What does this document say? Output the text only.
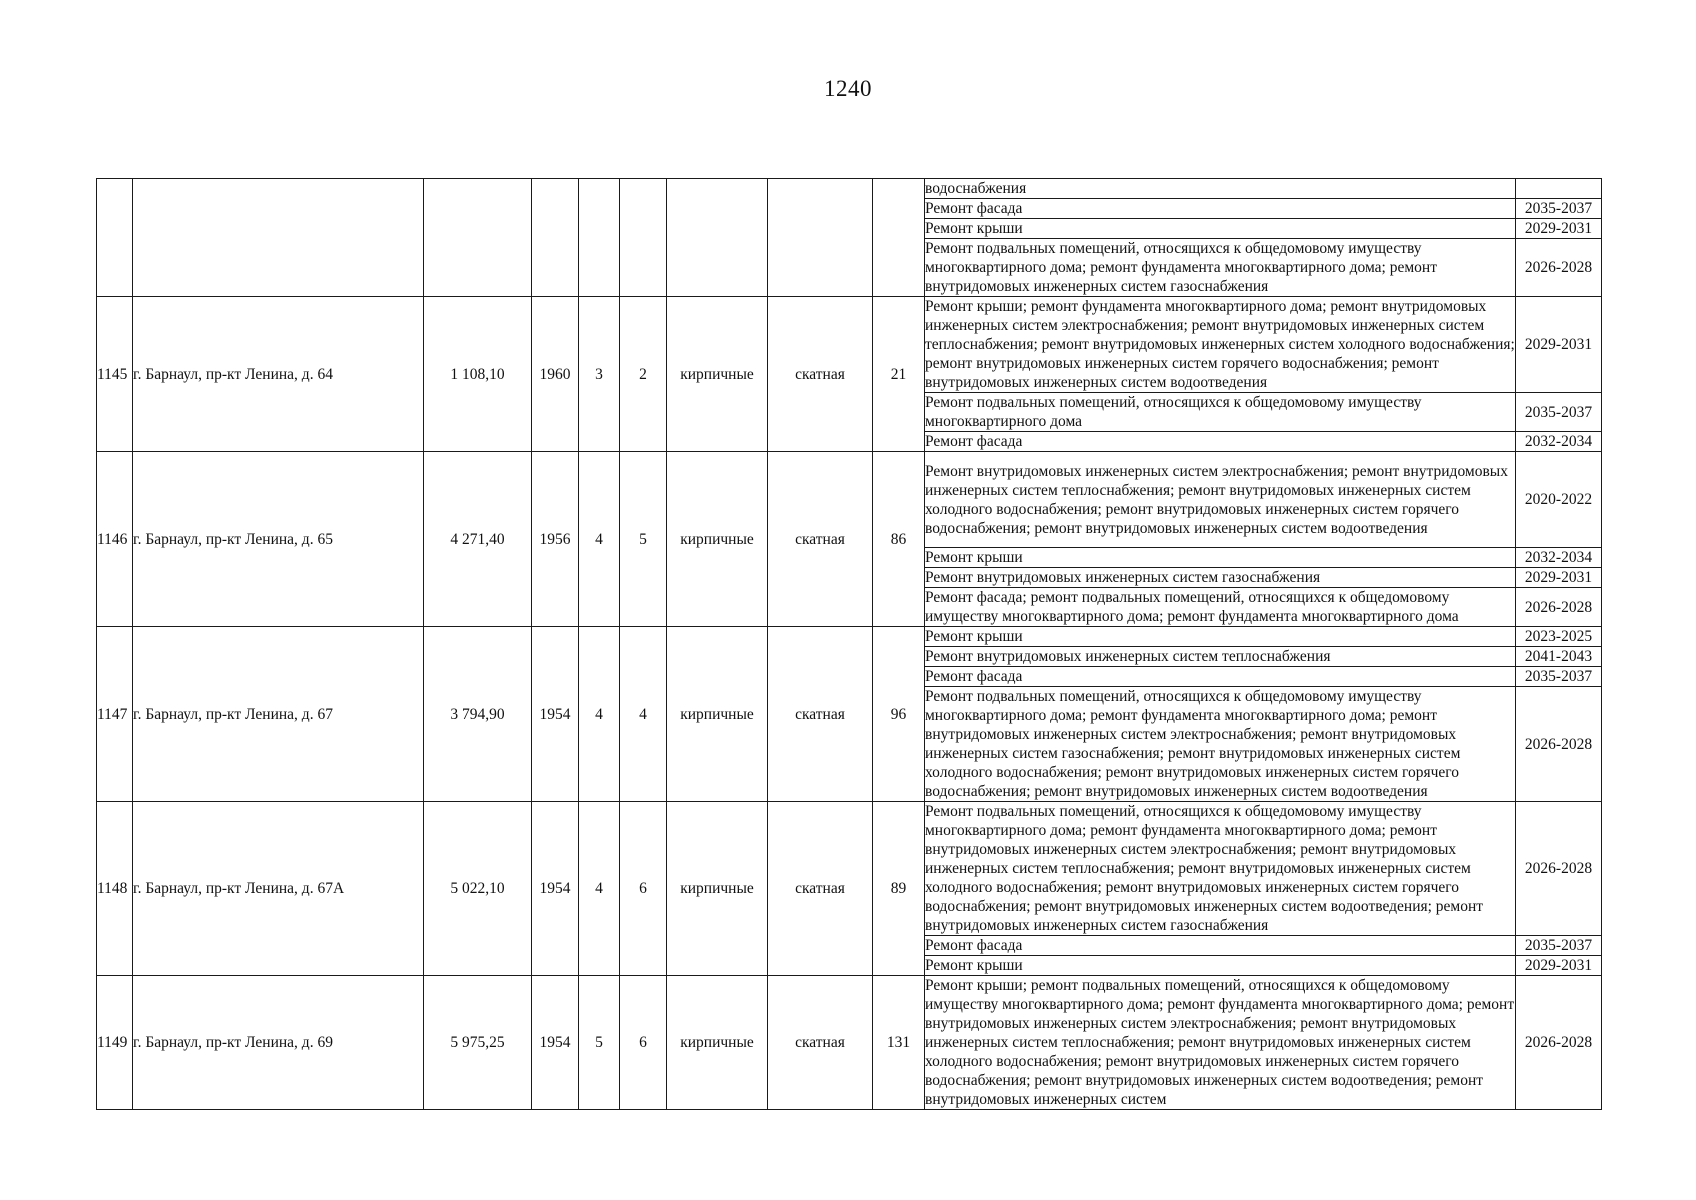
1240
									водоснабжения	
									Ремонт фасада	2035-2037
									Ремонт крыши	2029-2031
									Ремонт подвальных помещений, относящихся к общедомовому имуществу многоквартирного дома; ремонт фундамента многоквартирного дома; ремонт внутридомовых инженерных систем газоснабжения	2026-2028
1145	г. Барнаул, пр-кт Ленина, д. 64	1 108,10	1960	3	2	кирпичные	скатная	21	Ремонт крыши; ремонт фундамента многоквартирного дома; ремонт внутридомовых инженерных систем электроснабжения; ремонт внутридомовых инженерных систем теплоснабжения; ремонт внутридомовых инженерных систем холодного водоснабжения; ремонт внутридомовых инженерных систем горячего водоснабжения; ремонт внутридомовых инженерных систем водоотведения	2029-2031
									Ремонт подвальных помещений, относящихся к общедомовому имуществу многоквартирного дома	2035-2037
									Ремонт фасада	2032-2034
1146	г. Барнаул, пр-кт Ленина, д. 65	4 271,40	1956	4	5	кирпичные	скатная	86	Ремонт внутридомовых инженерных систем электроснабжения; ремонт внутридомовых инженерных систем теплоснабжения; ремонт внутридомовых инженерных систем холодного водоснабжения; ремонт внутридомовых инженерных систем горячего водоснабжения; ремонт внутридомовых инженерных систем водоотведения	2020-2022
									Ремонт крыши	2032-2034
									Ремонт внутридомовых инженерных систем газоснабжения	2029-2031
									Ремонт фасада; ремонт подвальных помещений, относящихся к общедомовому имуществу многоквартирного дома; ремонт фундамента многоквартирного дома	2026-2028
1147	г. Барнаул, пр-кт Ленина, д. 67	3 794,90	1954	4	4	кирпичные	скатная	96	Ремонт крыши	2023-2025
									Ремонт внутридомовых инженерных систем теплоснабжения	2041-2043
									Ремонт фасада	2035-2037
									Ремонт подвальных помещений, относящихся к общедомовому имуществу многоквартирного дома; ремонт фундамента многоквартирного дома; ремонт внутридомовых инженерных систем электроснабжения; ремонт внутридомовых инженерных систем газоснабжения; ремонт внутридомовых инженерных систем холодного водоснабжения; ремонт внутридомовых инженерных систем горячего водоснабжения; ремонт внутридомовых инженерных систем водоотведения	2026-2028
1148	г. Барнаул, пр-кт Ленина, д. 67А	5 022,10	1954	4	6	кирпичные	скатная	89	Ремонт подвальных помещений, относящихся к общедомовому имуществу многоквартирного дома; ремонт фундамента многоквартирного дома; ремонт внутридомовых инженерных систем электроснабжения; ремонт внутридомовых инженерных систем теплоснабжения; ремонт внутридомовых инженерных систем холодного водоснабжения; ремонт внутридомовых инженерных систем горячего водоснабжения; ремонт внутридомовых инженерных систем водоотведения; ремонт внутридомовых инженерных систем газоснабжения	2026-2028
									Ремонт фасада	2035-2037
									Ремонт крыши	2029-2031
1149	г. Барнаул, пр-кт Ленина, д. 69	5 975,25	1954	5	6	кирпичные	скатная	131	Ремонт крыши; ремонт подвальных помещений, относящихся к общедомовому имуществу многоквартирного дома; ремонт фундамента многоквартирного дома; ремонт внутридомовых инженерных систем электроснабжения; ремонт внутридомовых инженерных систем теплоснабжения; ремонт внутридомовых инженерных систем холодного водоснабжения; ремонт внутридомовых инженерных систем горячего водоснабжения; ремонт внутридомовых инженерных систем водоотведения; ремонт внутридомовых инженерных систем	2026-2028
